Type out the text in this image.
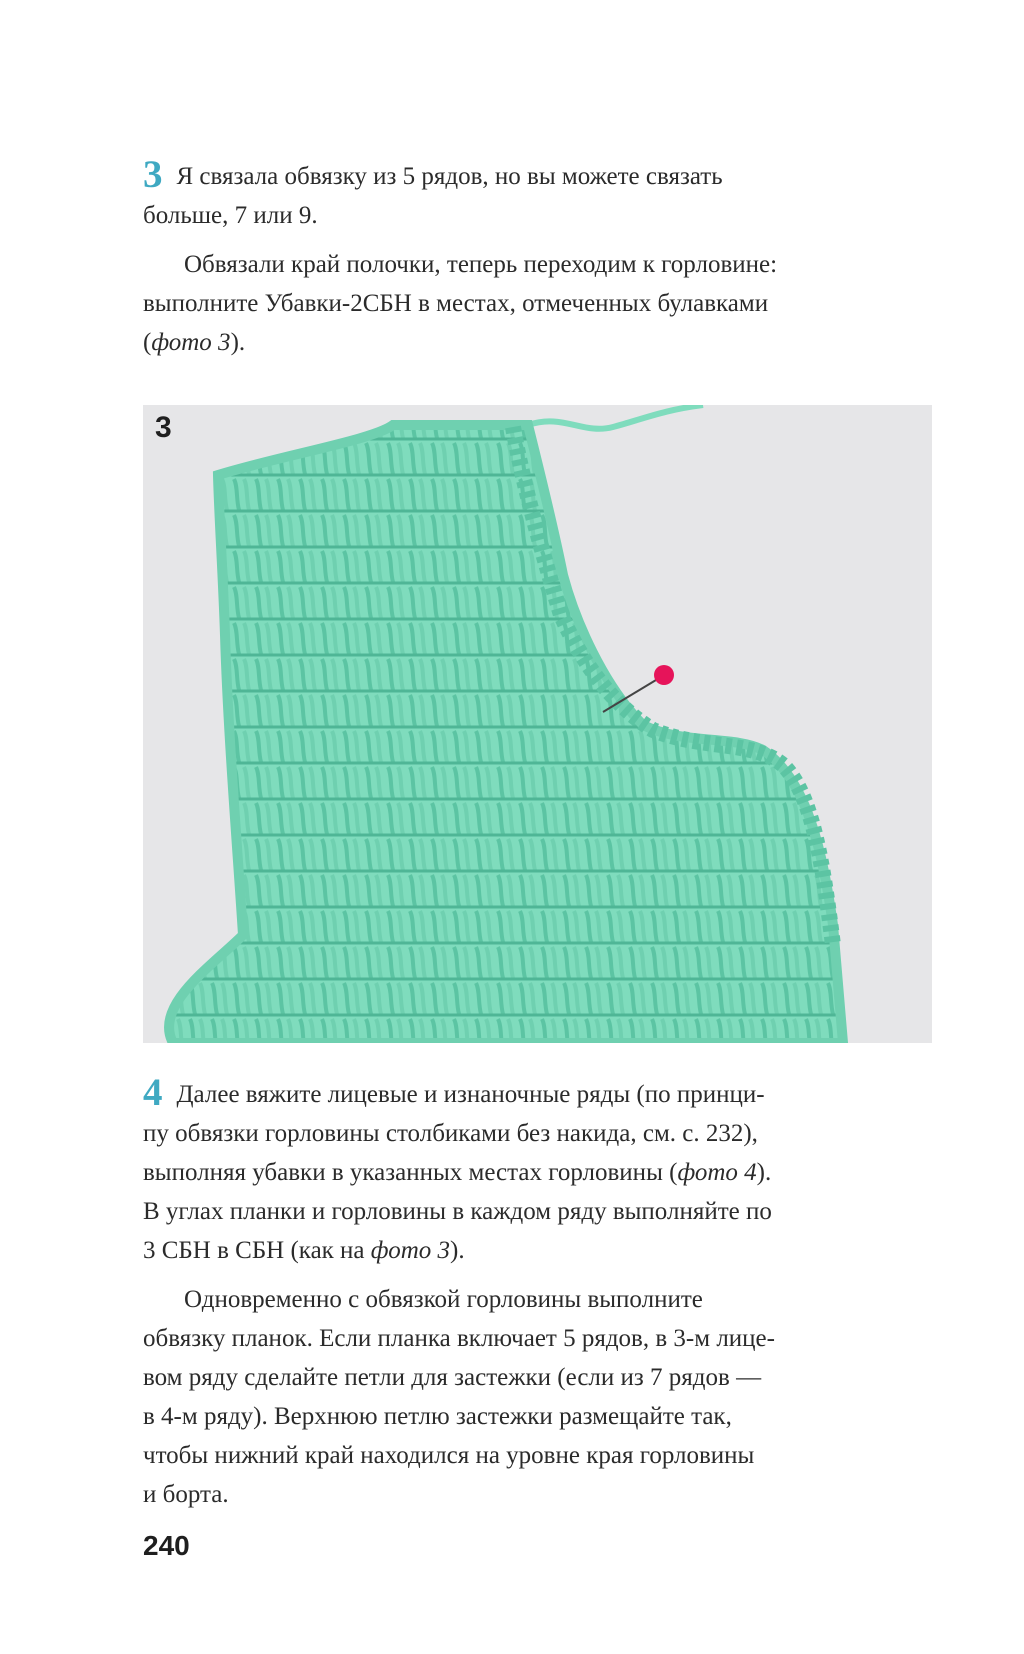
3 Я связала обвязку из 5 рядов, но вы можете связать
больше, 7 или 9.

Обвязали край полочки, теперь переходим к горловине:
выполните Убавки-2СБН в местах, отмеченных булавками
(фото 3).

3

4 Далее вяжите лицевые и изнаночные ряды (по принци-
пу обвязки горловины столбиками без накида, см. с. 232),
выполняя убавки в указанных местах горловины (фото 4).
В углах планки и горловины в каждом ряду выполняйте по
3 СБН в СБН (как на фото 3).

Одновременно с обвязкой горловины выполните
обвязку планок. Если планка включает 5 рядов, в 3-м лице-
вом ряду сделайте петли для застежки (если из 7 рядов —
в 4-м ряду). Верхнюю петлю застежки размещайте так,
чтобы нижний край находился на уровне края горловины
и борта.

240
